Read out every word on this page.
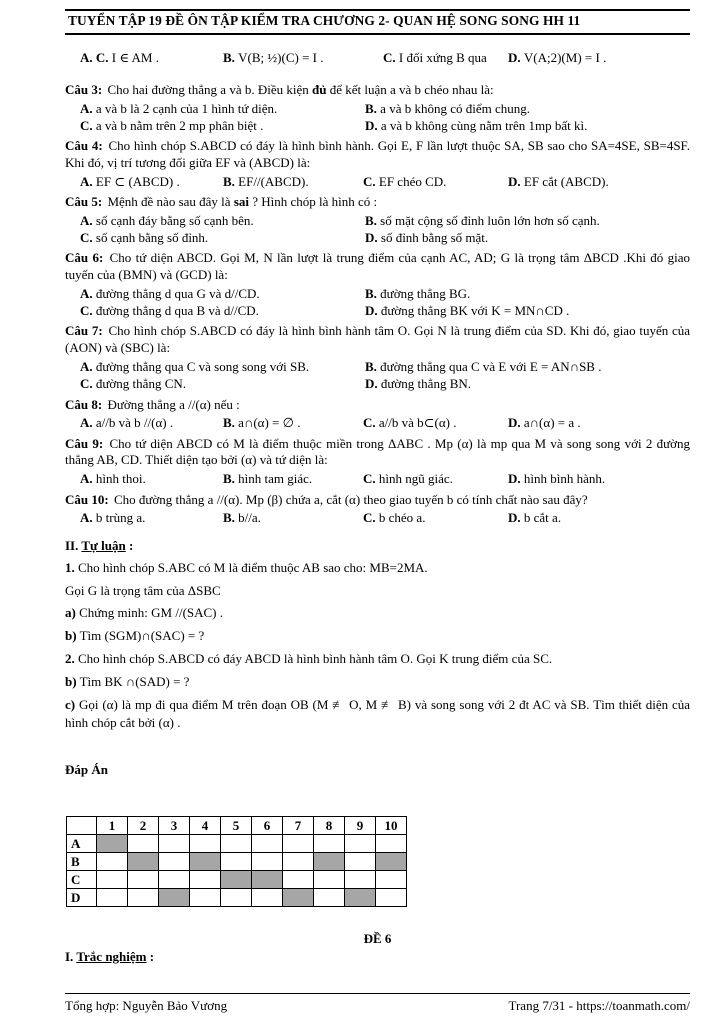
TUYỂN TẬP 19 ĐỀ ÔN TẬP KIỂM TRA CHƯƠNG 2- QUAN HỆ SONG SONG HH 11
A. C. I ∈ AM .	B. V(B; ½)(C) = I .	C. I đối xứng B qua	D. V(A;2)(M) = I .
Câu 3: Cho hai đường thẳng a và b. Điều kiện đủ để kết luận a và b chéo nhau là:
A. a và b là 2 cạnh của 1 hình tứ diện.	B. a và b không có điểm chung.
C. a và b nằm trên 2 mp phân biệt .	D. a và b không cùng nằm trên 1mp bất kì.
Câu 4: Cho hình chóp S.ABCD có đáy là hình bình hành. Gọi E, F lần lượt thuộc SA, SB sao cho SA=4SE, SB=4SF. Khi đó, vị trí tương đối giữa EF và (ABCD) là:
A. EF ⊂ (ABCD) .	B. EF//(ABCD).	C. EF chéo CD.	D. EF cắt (ABCD).
Câu 5: Mệnh đề nào sau đây là sai ? Hình chóp là hình có :
A. số cạnh đáy bằng số cạnh bên.	B. số mặt cộng số đỉnh luôn lớn hơn số cạnh.
C. số cạnh bằng số đỉnh.	D. số đỉnh bằng số mặt.
Câu 6: Cho tứ diện ABCD. Gọi M, N lần lượt là trung điểm của cạnh AC, AD; G là trọng tâm ΔBCD .Khi đó giao tuyến của (BMN) và (GCD) là:
A. đường thẳng d qua G và d//CD.	B. đường thẳng BG.
C. đường thẳng d qua B và d//CD.	D. đường thẳng BK với K = MN∩CD .
Câu 7: Cho hình chóp S.ABCD có đáy là hình bình hành tâm O. Gọi N là trung điểm của SD. Khi đó, giao tuyến của (AON) và (SBC) là:
A. đường thẳng qua C và song song với SB.	B. đường thẳng qua C và E với E = AN∩SB .
C. đường thẳng CN.	D. đường thẳng BN.
Câu 8: Đường thẳng a //(α) nếu :
A. a//b và b //(α) .	B. a∩(α) = ∅ .	C. a//b và b⊂(α) .	D. a∩(α) = a .
Câu 9: Cho tứ diện ABCD có M là điểm thuộc miền trong ΔABC . Mp (α) là mp qua M và song song với 2 đường thẳng AB, CD. Thiết diện tạo bởi (α) và tứ diện là:
A. hình thoi.	B. hình tam giác.	C. hình ngũ giác.	D. hình bình hành.
Câu 10: Cho đường thẳng a //(α). Mp (β) chứa a, cắt (α) theo giao tuyến b có tính chất nào sau đây?
A. b trùng a.	B. b//a.	C. b chéo a.	D. b cắt a.
II. Tự luận :
1. Cho hình chóp S.ABC có M là điểm thuộc AB sao cho: MB=2MA.
Gọi G là trọng tâm của ΔSBC
a) Chứng minh: GM //(SAC) .
b) Tìm (SGM)∩(SAC) = ?
2. Cho hình chóp S.ABCD có đáy ABCD là hình bình hành tâm O. Gọi K trung điểm của SC.
b) Tìm BK ∩(SAD) = ?
c) Gọi (α) là mp đi qua điểm M trên đoạn OB (M ≢ O, M ≢ B) và song song với 2 đt AC và SB. Tìm thiết diện của hình chóp cắt bởi (α) .
Đáp Án
	1	2	3	4	5	6	7	8	9	10
A										
B										
C										
D										
ĐỀ 6
I. Trắc nghiệm :
Tổng hợp: Nguyễn Bảo Vương	Trang 7/31 - https://toanmath.com/
